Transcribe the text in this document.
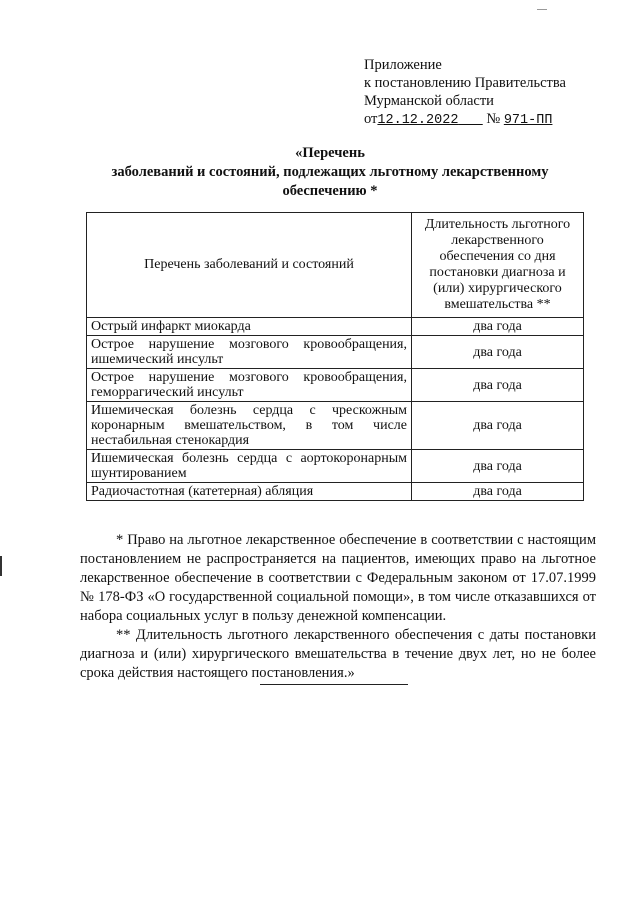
Приложение
к постановлению Правительства
Мурманской области
от12.12.2022 № 971-ПП
«Перечень
заболеваний и состояний, подлежащих льготному лекарственному
обеспечению *
Перечень заболеваний и состояний	Длительность льготного лекарственного обеспечения со дня постановки диагноза и (или) хирургического вмешательства **
Острый инфаркт миокарда	два года
Острое нарушение мозгового кровообращения, ишемический инсульт	два года
Острое нарушение мозгового кровообращения, геморрагический инсульт	два года
Ишемическая болезнь сердца с чрескожным коронарным вмешательством, в том числе нестабильная стенокардия	два года
Ишемическая болезнь сердца с аортокоронарным шунтированием	два года
Радиочастотная (катетерная) абляция	два года

* Право на льготное лекарственное обеспечение в соответствии с настоящим постановлением не распространяется на пациентов, имеющих право на льготное лекарственное обеспечение в соответствии с Федеральным законом от 17.07.1999 № 178-ФЗ «О государственной социальной помощи», в том числе отказавшихся от набора социальных услуг в пользу денежной компенсации.

** Длительность льготного лекарственного обеспечения с даты постановки диагноза и (или) хирургического вмешательства в течение двух лет, но не более срока действия настоящего постановления.»
